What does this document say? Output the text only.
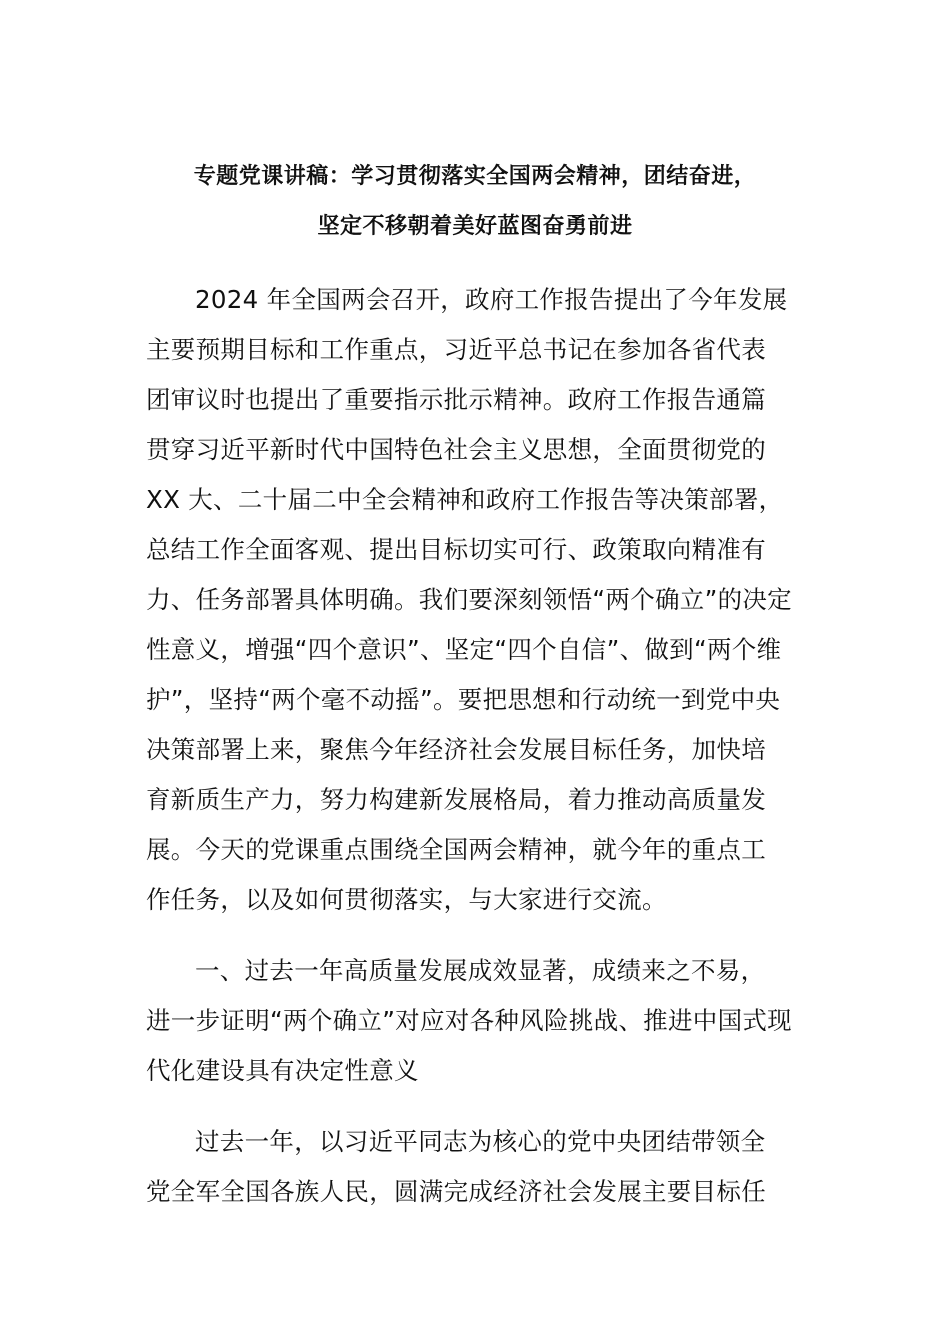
专题党课讲稿：学习贯彻落实全国两会精神，团结奋进，
坚定不移朝着美好蓝图奋勇前进
2024 年全国两会召开，政府工作报告提出了今年发展
主要预期目标和工作重点，习近平总书记在参加各省代表
团审议时也提出了重要指示批示精神。政府工作报告通篇
贯穿习近平新时代中国特色社会主义思想，全面贯彻党的
XX 大、二十届二中全会精神和政府工作报告等决策部署，
总结工作全面客观、提出目标切实可行、政策取向精准有
力、任务部署具体明确。我们要深刻领悟“两个确立”的决定
性意义，增强“四个意识”、坚定“四个自信”、做到“两个维
护”，坚持“两个毫不动摇”。要把思想和行动统一到党中央
决策部署上来，聚焦今年经济社会发展目标任务，加快培
育新质生产力，努力构建新发展格局，着力推动高质量发
展。今天的党课重点围绕全国两会精神，就今年的重点工
作任务，以及如何贯彻落实，与大家进行交流。
一、过去一年高质量发展成效显著，成绩来之不易，
进一步证明“两个确立”对应对各种风险挑战、推进中国式现
代化建设具有决定性意义
过去一年，以习近平同志为核心的党中央团结带领全
党全军全国各族人民，圆满完成经济社会发展主要目标任
